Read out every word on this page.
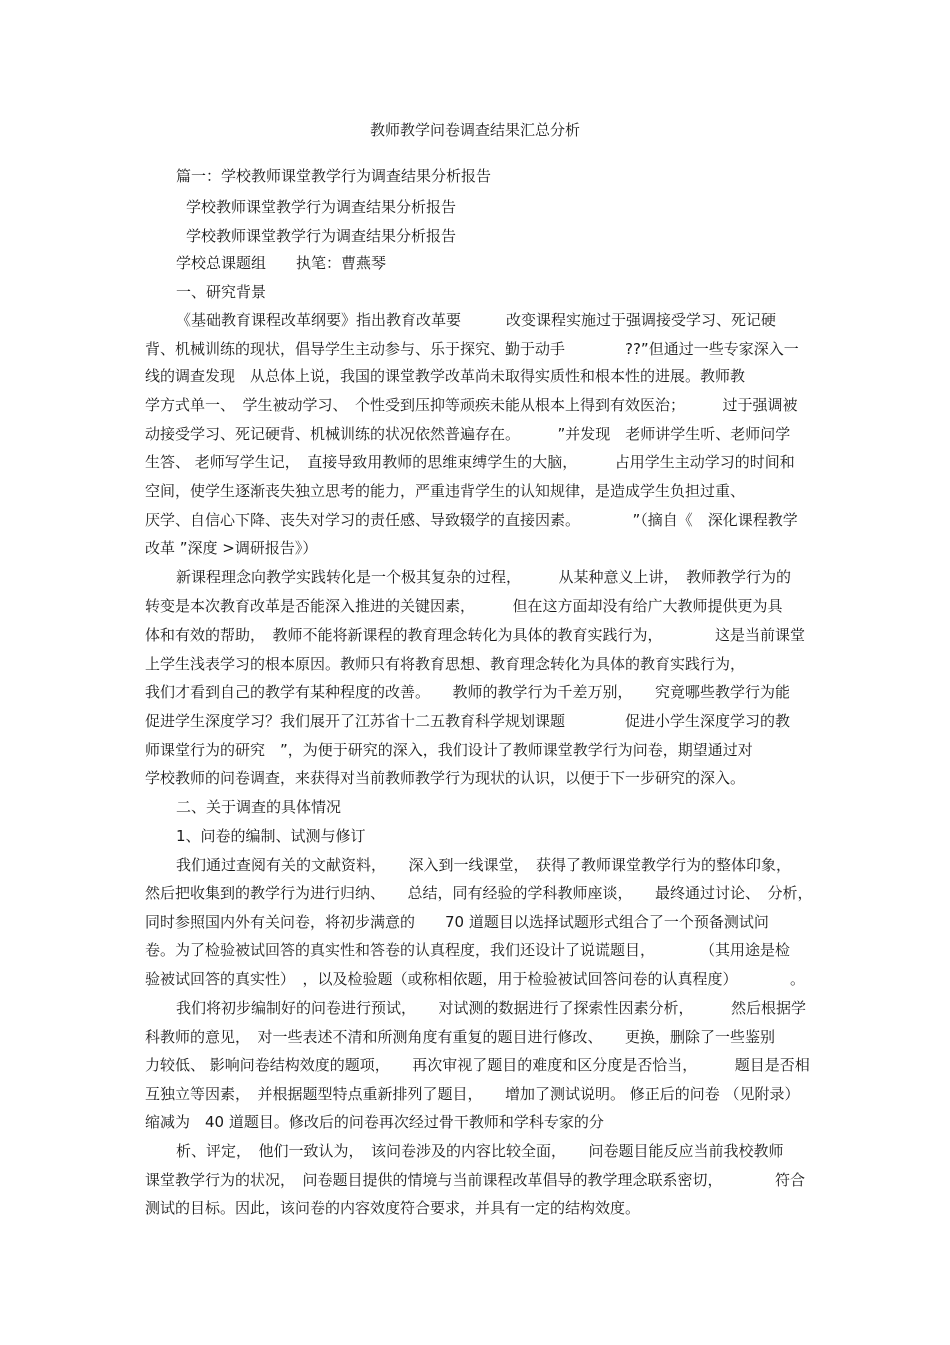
教师教学问卷调查结果汇总分析
篇一：学校教师课堂教学行为调查结果分析报告
学校教师课堂教学行为调查结果分析报告
学校教师课堂教学行为调查结果分析报告
学校总课题组　　执笔：曹燕琴
一、研究背景
《基础教育课程改革纲要》指出教育改革要　　　改变课程实施过于强调接受学习、死记硬
背、机械训练的现状，倡导学生主动参与、乐于探究、勤于动手　　　　??”但通过一些专家深入一
线的调查发现　从总体上说，我国的课堂教学改革尚未取得实质性和根本性的进展。教师教
学方式单一、　学生被动学习、　个性受到压抑等顽疾未能从根本上得到有效医治；　　　过于强调被
动接受学习、死记硬背、机械训练的状况依然普遍存在。　　　”并发现　老师讲学生听、老师问学
生答、 老师写学生记，　直接导致用教师的思维束缚学生的大脑，　　　占用学生主动学习的时间和
空间，使学生逐渐丧失独立思考的能力，严重违背学生的认知规律，是造成学生负担过重、
厌学、自信心下降、丧失对学习的责任感、导致辍学的直接因素。　　　　”（摘自《　深化课程教学
改革 ”深度 >调研报告》）
新课程理念向教学实践转化是一个极其复杂的过程，　　　从某种意义上讲，　教师教学行为的
转变是本次教育改革是否能深入推进的关键因素，　　　但在这方面却没有给广大教师提供更为具
体和有效的帮助，　教师不能将新课程的教育理念转化为具体的教育实践行为，　　　　这是当前课堂
上学生浅表学习的根本原因。教师只有将教育思想、教育理念转化为具体的教育实践行为，
我们才看到自己的教学有某种程度的改善。　　教师的教学行为千差万别，　　究竟哪些教学行为能
促进学生深度学习？我们展开了江苏省十二五教育科学规划课题　　　　促进小学生深度学习的教
师课堂行为的研究　”，为便于研究的深入，我们设计了教师课堂教学行为问卷，期望通过对
学校教师的问卷调查，来获得对当前教师教学行为现状的认识，以便于下一步研究的深入。
二、关于调查的具体情况
1、问卷的编制、试测与修订
我们通过查阅有关的文献资料，　　深入到一线课堂，　获得了教师课堂教学行为的整体印象，
然后把收集到的教学行为进行归纳、　　总结，同有经验的学科教师座谈，　　最终通过讨论、　分析，
同时参照国内外有关问卷，将初步满意的　　70 道题目以选择试题形式组合了一个预备测试问
卷。为了检验被试回答的真实性和答卷的认真程度，我们还设计了说谎题目，　　　　（其用途是检
验被试回答的真实性）　，以及检验题（或称相依题，用于检验被试回答问卷的认真程度）　　　　。
我们将初步编制好的问卷进行预试，　　对试测的数据进行了探索性因素分析，　　　然后根据学
科教师的意见，　对一些表述不清和所测角度有重复的题目进行修改、　　更换，删除了一些鉴别
力较低、 影响问卷结构效度的题项，　　再次审视了题目的难度和区分度是否恰当，　　　题目是否相
互独立等因素，　并根据题型特点重新排列了题目，　　增加了测试说明。 修正后的问卷 （见附录）
缩减为　40 道题目。修改后的问卷再次经过骨干教师和学科专家的分
析、评定，　他们一致认为，　该问卷涉及的内容比较全面，　　问卷题目能反应当前我校教师
课堂教学行为的状况，　问卷题目提供的情境与当前课程改革倡导的教学理念联系密切，　　　　符合
测试的目标。因此，该问卷的内容效度符合要求，并具有一定的结构效度。
